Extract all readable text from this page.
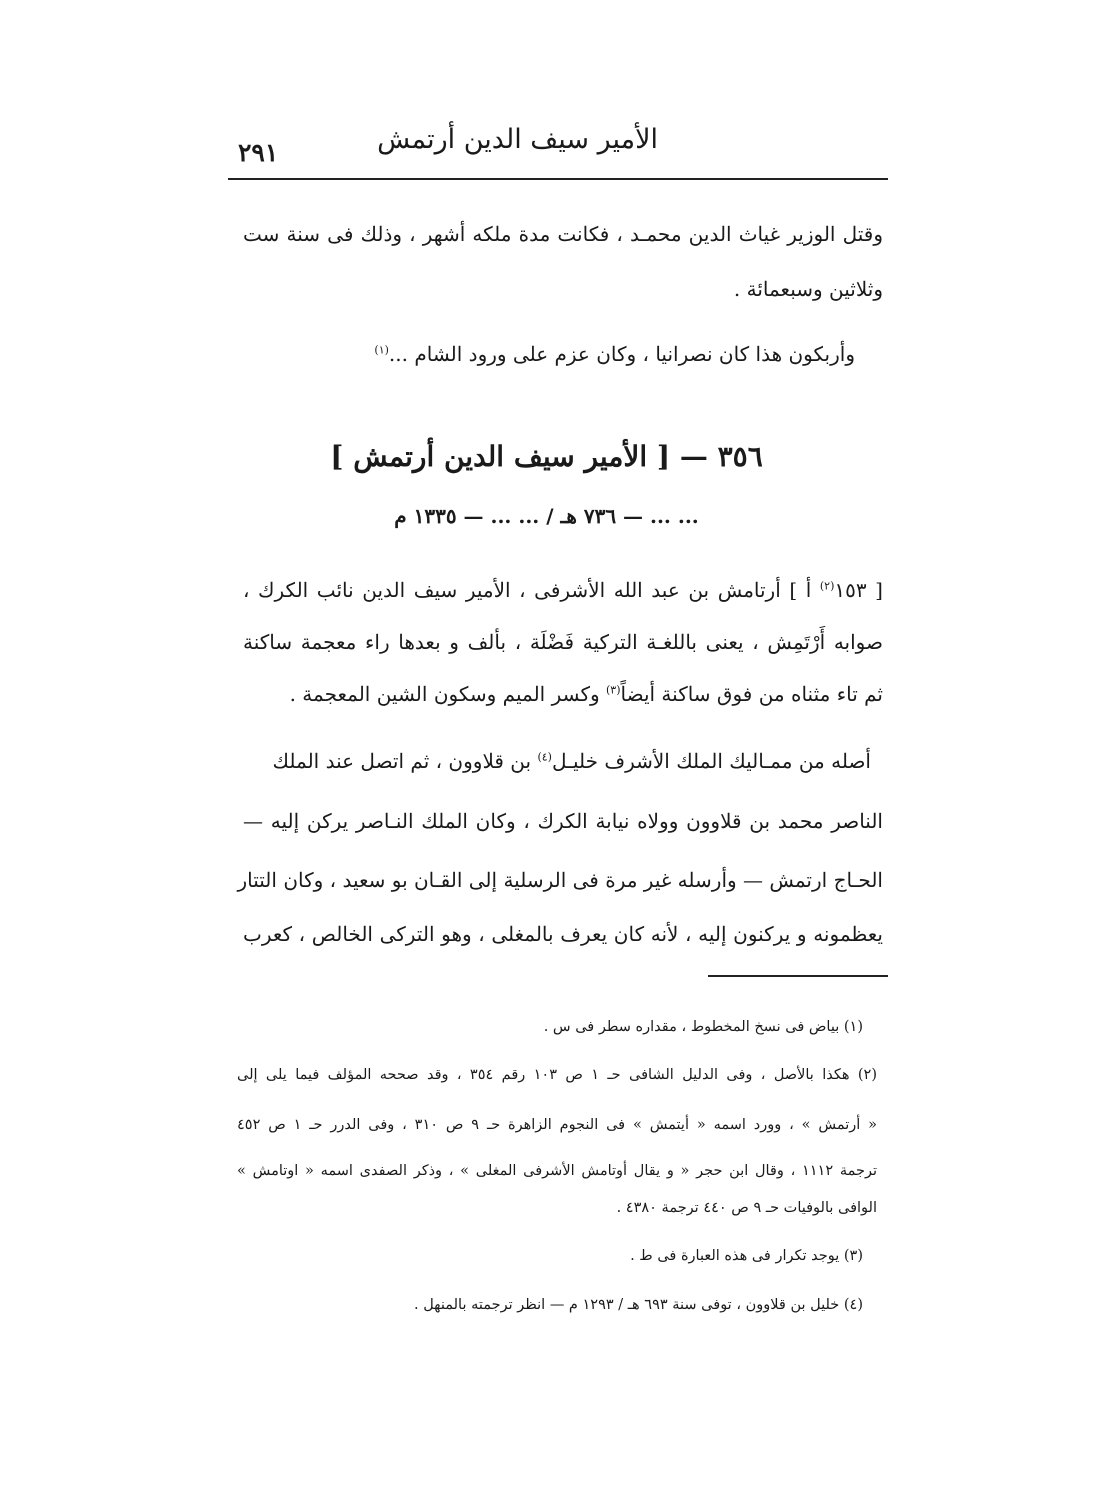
الأمير سيف الدين أرتمش
٢٩١
وقتل الوزير غياث الدين محمـد ، فكانت مدة ملكه أشهر ، وذلك فى سنة ست
وثلاثين وسبعمائة .
وأربكون هذا كان نصرانيا ، وكان عزم على ورود الشام ...$^{(١)}$
٣٥٦ — [ الأمير سيف الدين أرتمش ]
... ... — ٧٣٦ هـ / ... ... — ١٣٣٥ م
[ ١٥٣$^{(٢)}$ أ ] أرتامش بن عبد الله الأشرفى ، الأمير سيف الدين نائب الكرك ،
صوابه أَرْتَمِش ، يعنى باللغـة التركية فَضْلَة ، بألف و بعدها راء معجمة ساكنة
ثم تاء مثناه من فوق ساكنة أيضاً$^{(٣)}$ وكسر الميم وسكون الشين المعجمة .
أصله من ممـاليك الملك الأشرف خليـل$^{(٤)}$ بن قلاوون ، ثم اتصل عند الملك
الناصر محمد بن قلاوون وولاه نيابة الكرك ، وكان الملك النـاصر يركن إليه —
الحـاج ارتمش — وأرسله غير مرة فى الرسلية إلى القـان بو سعيد ، وكان التتار
يعظمونه و يركنون إليه ، لأنه كان يعرف بالمغلى ، وهو التركى الخالص ، كعرب
(١) بياض فى نسخ المخطوط ، مقداره سطر فى س .
(٢) هكذا بالأصل ، وفى الدليل الشافى حـ ١ ص ١٠٣ رقم ٣٥٤ ، وقد صححه المؤلف فيما يلى إلى
« أرتمش » ، وورد اسمه « أيتمش » فى النجوم الزاهرة حـ ٩ ص ٣١٠ ، وفى الدرر حـ ١ ص ٤٥٢
ترجمة ١١١٢ ، وقال ابن حجر « و يقال أوتامش الأشرفى المغلى » ، وذكر الصفدى اسمه « اوتامش »
الوافى بالوفيات حـ ٩ ص ٤٤٠ ترجمة ٤٣٨٠ .
(٣) يوجد تكرار فى هذه العبارة فى ط .
(٤) خليل بن قلاوون ، توفى سنة ٦٩٣ هـ / ١٢٩٣ م — انظر ترجمته بالمنهل .
